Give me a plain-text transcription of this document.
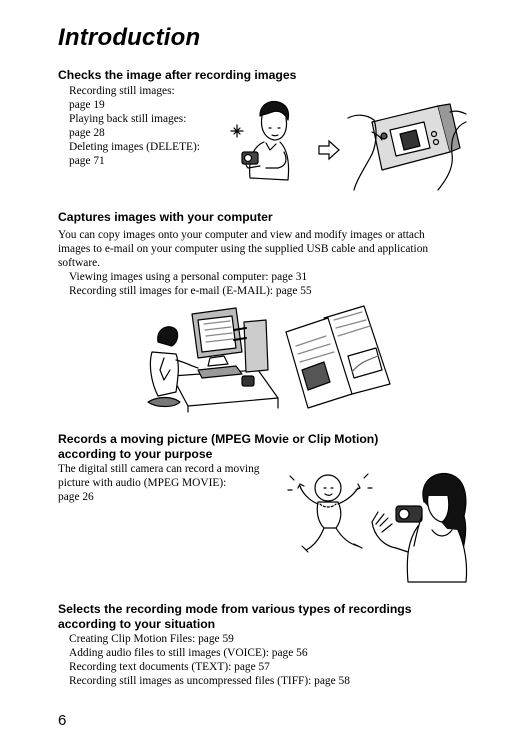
Introduction
Checks the image after recording images

Recording still images:

page 19

Playing back still images:

page 28

Deleting images (DELETE):

page 71

Captures images with your computer

You can copy images onto your computer and view and modify images or attach

images to e-mail on your computer using the supplied USB cable and application

software.

Viewing images using a personal computer: page 31

Recording still images for e-mail (E-MAIL): page 55

Records a moving picture (MPEG Movie or Clip Motion)
according to your purpose

The digital still camera can record a moving

picture with audio (MPEG MOVIE):

page 26

Selects the recording mode from various types of recordings
according to your situation

Creating Clip Motion Files: page 59

Adding audio files to still images (VOICE): page 56

Recording text documents (TEXT): page 57

Recording still images as uncompressed files (TIFF): page 58

6
